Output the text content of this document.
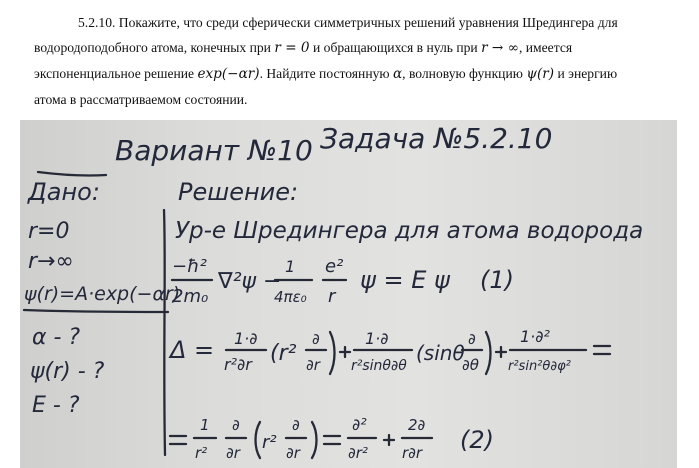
5.2.10. Покажите, что среди сферически симметричных решений уравнения Шредингера для

водородоподобного атома, конечных при r = 0 и обращающихся в нуль при r → ∞, имеется

экспоненциальное решение exp(−αr). Найдите постоянную α, волновую функцию ψ(r) и энергию

атома в рассматриваемом состоянии.

Вариант №10 Задача №5.2.10
Дано:
r=0
r→∞
ψ(r)=A·exp(−αr)
α - ?
ψ(r) - ?
E - ?
Решение:
Ур-е Шредингера для атома водорода
−ħ²
2m₀
∇²ψ −
1
4πε₀
e²
r
ψ = E ψ (1)
Δ = 1·∂
r²∂r (r²
∂
∂r
1·∂
r²sinθ∂θ
(sinθ
∂
∂θ
1·∂²
r²sin²θ∂φ²
1
r²
∂
∂r r²
∂
∂r
∂²
∂r²
2∂
r∂r (2)
